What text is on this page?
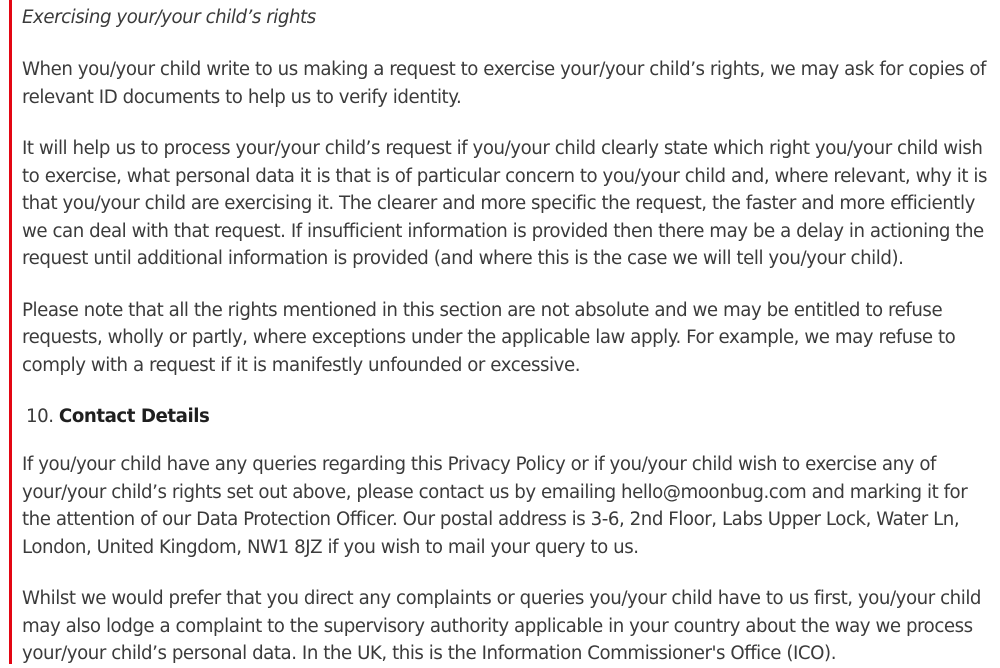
Exercising your/your child’s rights

When you/your child write to us making a request to exercise your/your child’s rights, we may ask for copies of relevant ID documents to help us to verify identity.

It will help us to process your/your child’s request if you/your child clearly state which right you/your child wish to exercise, what personal data it is that is of particular concern to you/your child and, where relevant, why it is that you/your child are exercising it. The clearer and more specific the request, the faster and more efficiently we can deal with that request. If insufficient information is provided then there may be a delay in actioning the request until additional information is provided (and where this is the case we will tell you/your child).

Please note that all the rights mentioned in this section are not absolute and we may be entitled to refuse requests, wholly or partly, where exceptions under the applicable law apply. For example, we may refuse to comply with a request if it is manifestly unfounded or excessive.

10. Contact Details

If you/your child have any queries regarding this Privacy Policy or if you/your child wish to exercise any of your/your child’s rights set out above, please contact us by emailing hello@moonbug.com and marking it for the attention of our Data Protection Officer. Our postal address is 3-6, 2nd Floor, Labs Upper Lock, Water Ln, London, United Kingdom, NW1 8JZ if you wish to mail your query to us.

Whilst we would prefer that you direct any complaints or queries you/your child have to us first, you/your child may also lodge a complaint to the supervisory authority applicable in your country about the way we process your/your child’s personal data. In the UK, this is the Information Commissioner's Office (ICO).
